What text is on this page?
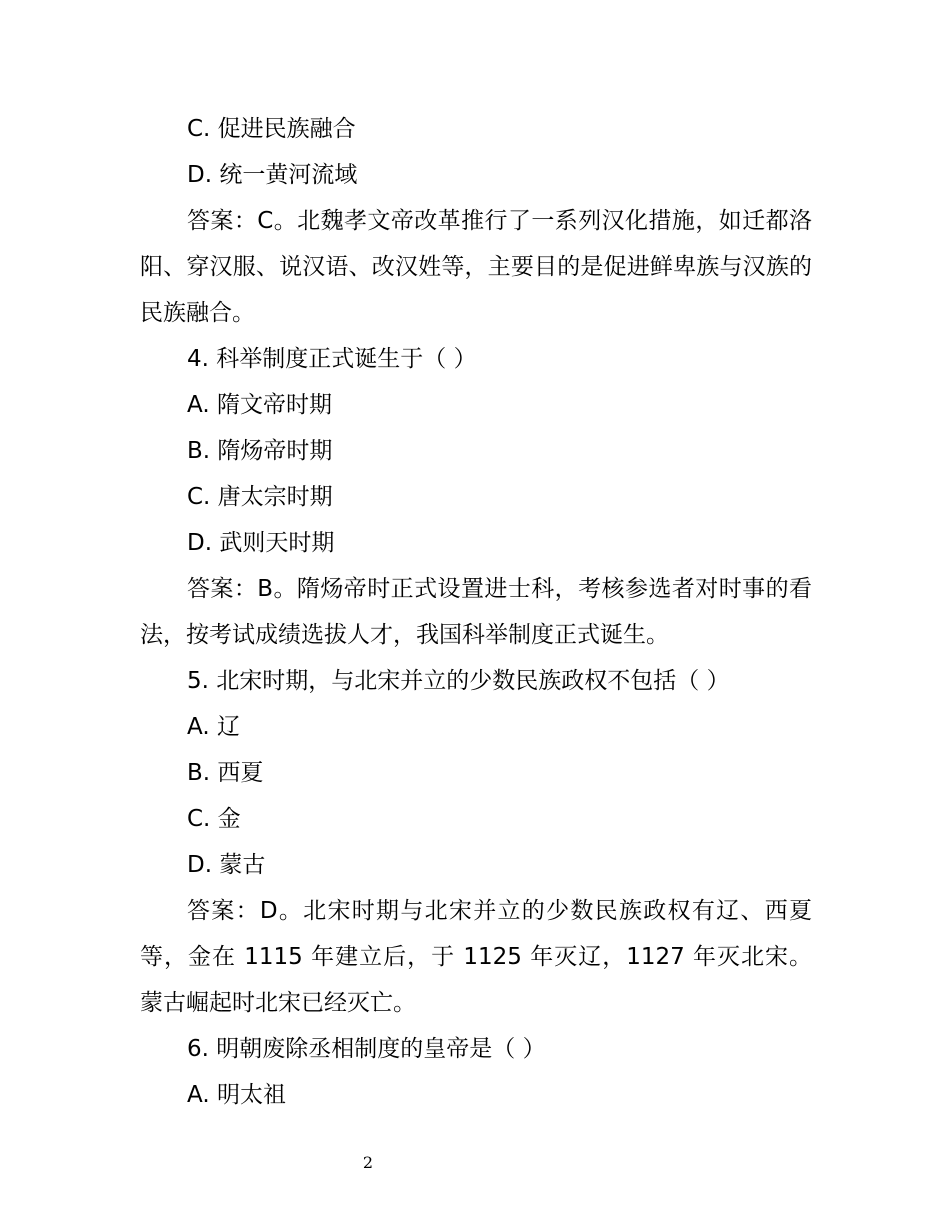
C. 促进民族融合
D. 统一黄河流域

答案：C。北魏孝文帝改革推行了一系列汉化措施，如迁都洛阳、穿汉服、说汉语、改汉姓等，主要目的是促进鲜卑族与汉族的民族融合。

4. 科举制度正式诞生于（ ）
A. 隋文帝时期
B. 隋炀帝时期
C. 唐太宗时期
D. 武则天时期

答案：B。隋炀帝时正式设置进士科，考核参选者对时事的看法，按考试成绩选拔人才，我国科举制度正式诞生。

5. 北宋时期，与北宋并立的少数民族政权不包括（ ）
A. 辽
B. 西夏
C. 金
D. 蒙古

答案：D。北宋时期与北宋并立的少数民族政权有辽、西夏等，金在 1115 年建立后，于 1125 年灭辽，1127 年灭北宋。蒙古崛起时北宋已经灭亡。

6. 明朝废除丞相制度的皇帝是（ ）
A. 明太祖
2
